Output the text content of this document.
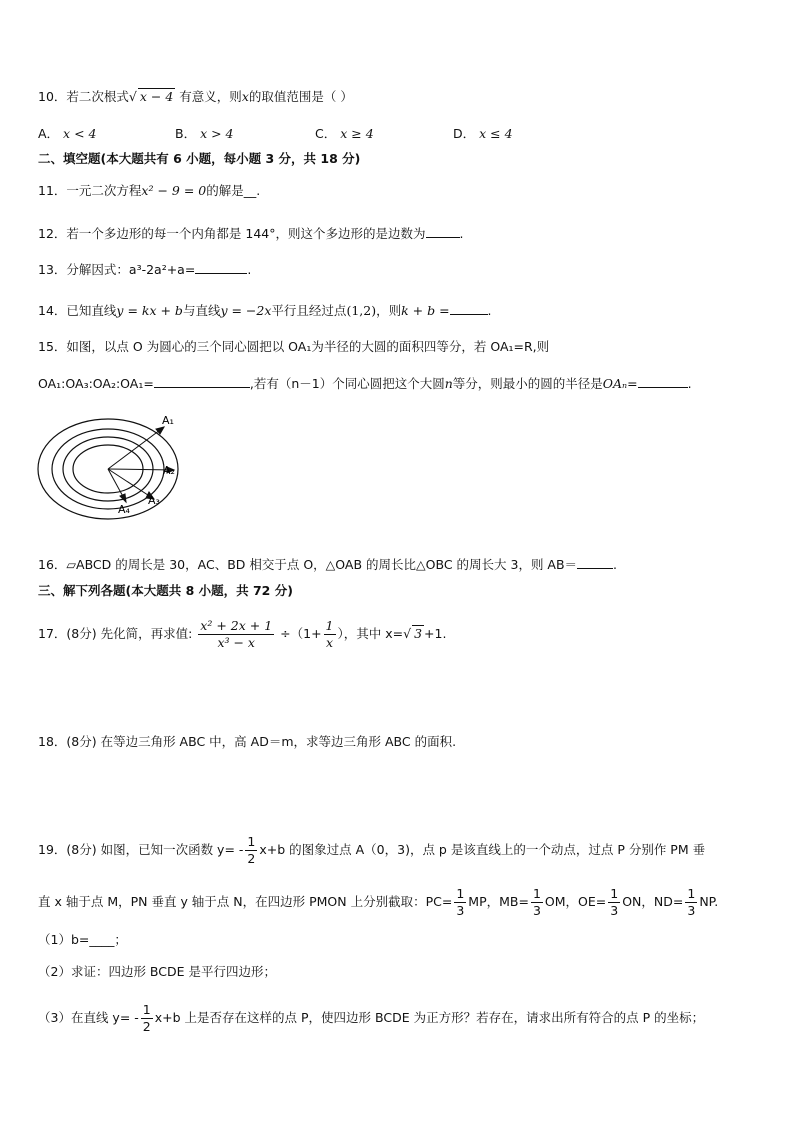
10．若二次根式√ x − 4 有意义，则x的取值范围是（ ）
A． x < 4	B． x > 4	C． x ≥ 4	D． x ≤ 4
二、填空题(本大题共有 6 小题，每小题 3 分，共 18 分)
11．一元二次方程x² − 9 = 0的解是__.
12．若一个多边形的每一个内角都是 144°，则这个多边形的是边数为	.
13．分解因式：a³-2a²+a=	.
14．已知直线y = kx + b与直线y = −2x平行且经过点(1,2)，则k + b =	.
15．如图，以点 O 为圆心的三个同心圆把以 OA₁为半径的大圆的面积四等分，若 OA₁=R,则
OA₁:OA₃:OA₂:OA₁=	,若有（n－1）个同心圆把这个大圆n等分，则最小的圆的半径是OAₙ=	.
A₁
A₂
A₃
A₄
16．▱ABCD 的周长是 30，AC、BD 相交于点 O，△OAB 的周长比△OBC 的周长大 3，则 AB＝	.
三、解下列各题(本大题共 8 小题，共 72 分)
17．(8分) 先化简，再求值: $\frac{\text{x² + 2x + 1}}{\text{x³ − x}} \div(1+ \frac{1}{x}$ ），其中 x=√ 3 +1.
18．(8分) 在等边三角形 ABC 中，高 AD＝m，求等边三角形 ABC 的面积.
19．(8分) 如图，已知一次函数 $y= - \frac{1}{2} x+b$ 的图象过点 A（0，3)，点 p 是该直线上的一个动点，过点 P 分别作 PM 垂
直 x 轴于点 M，PN 垂直 y 轴于点 N，在四边形 PMON 上分别截取：$PC= \frac{1}{3}$ MP，$MB= \frac{1}{3}$ OM，$OE= \frac{1}{3}$ ON，$ND= \frac{1}{3}$ NP.
（1）b=____；
（2）求证：四边形 BCDE 是平行四边形；
（3）在直线 $y= - \frac{1}{2} x+b$ 上是否存在这样的点 P，使四边形 BCDE 为正方形？若存在，请求出所有符合的点 P 的坐标；
